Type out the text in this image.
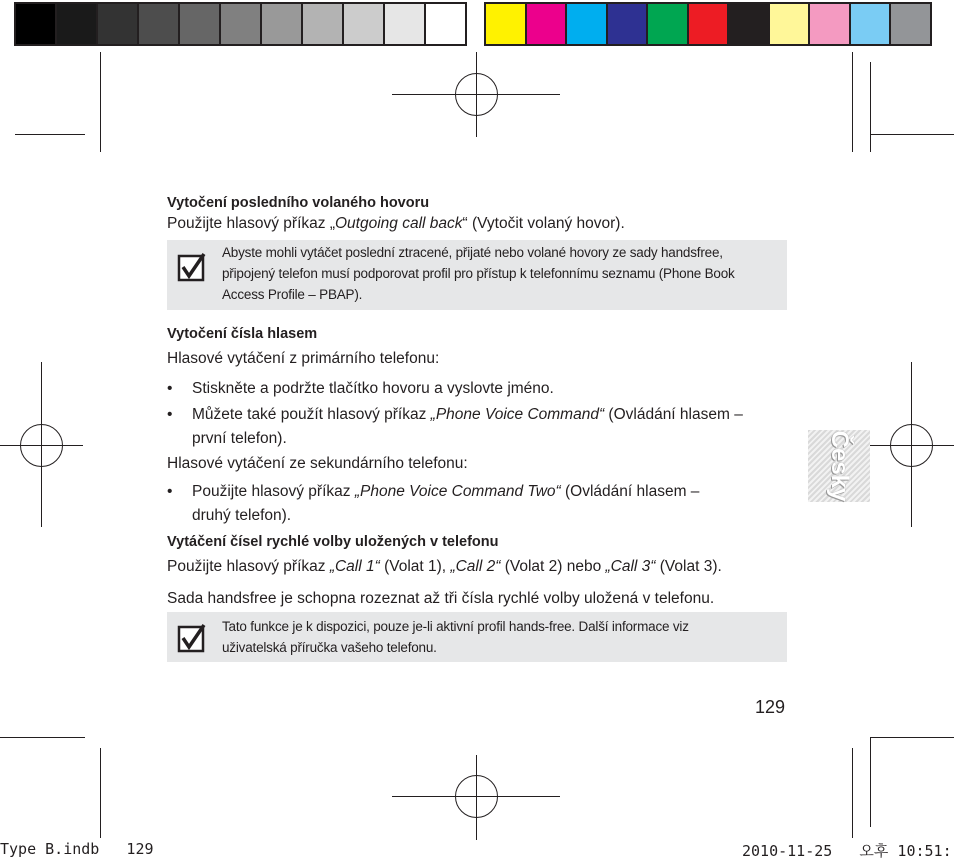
Vytočení posledního volaného hovoru
Použijte hlasový příkaz „Outgoing call back“ (Vytočit volaný hovor).
Abyste mohli vytáčet poslední ztracené, přijaté nebo volané hovory ze sady handsfree,
připojený telefon musí podporovat profil pro přístup k telefonnímu seznamu (Phone Book
Access Profile – PBAP).
Vytočení čísla hlasem
Hlasové vytáčení z primárního telefonu:
• Stiskněte a podržte tlačítko hovoru a vyslovte jméno.
• Můžete také použít hlasový příkaz „Phone Voice Command“ (Ovládání hlasem –
první telefon).
Hlasové vytáčení ze sekundárního telefonu:
• Použijte hlasový příkaz „Phone Voice Command Two“ (Ovládání hlasem –
druhý telefon).
Vytáčení čísel rychlé volby uložených v telefonu
Použijte hlasový příkaz „Call 1“ (Volat 1), „Call 2“ (Volat 2) nebo „Call 3“ (Volat 3).
Sada handsfree je schopna rozeznat až tři čísla rychlé volby uložená v telefonu.
Tato funkce je k dispozici, pouze je-li aktivní profil hands-free. Další informace viz
uživatelská příručka vašeho telefonu.
Česky
129
Type B.indb   129	2010-11-25   오후 10:51:
